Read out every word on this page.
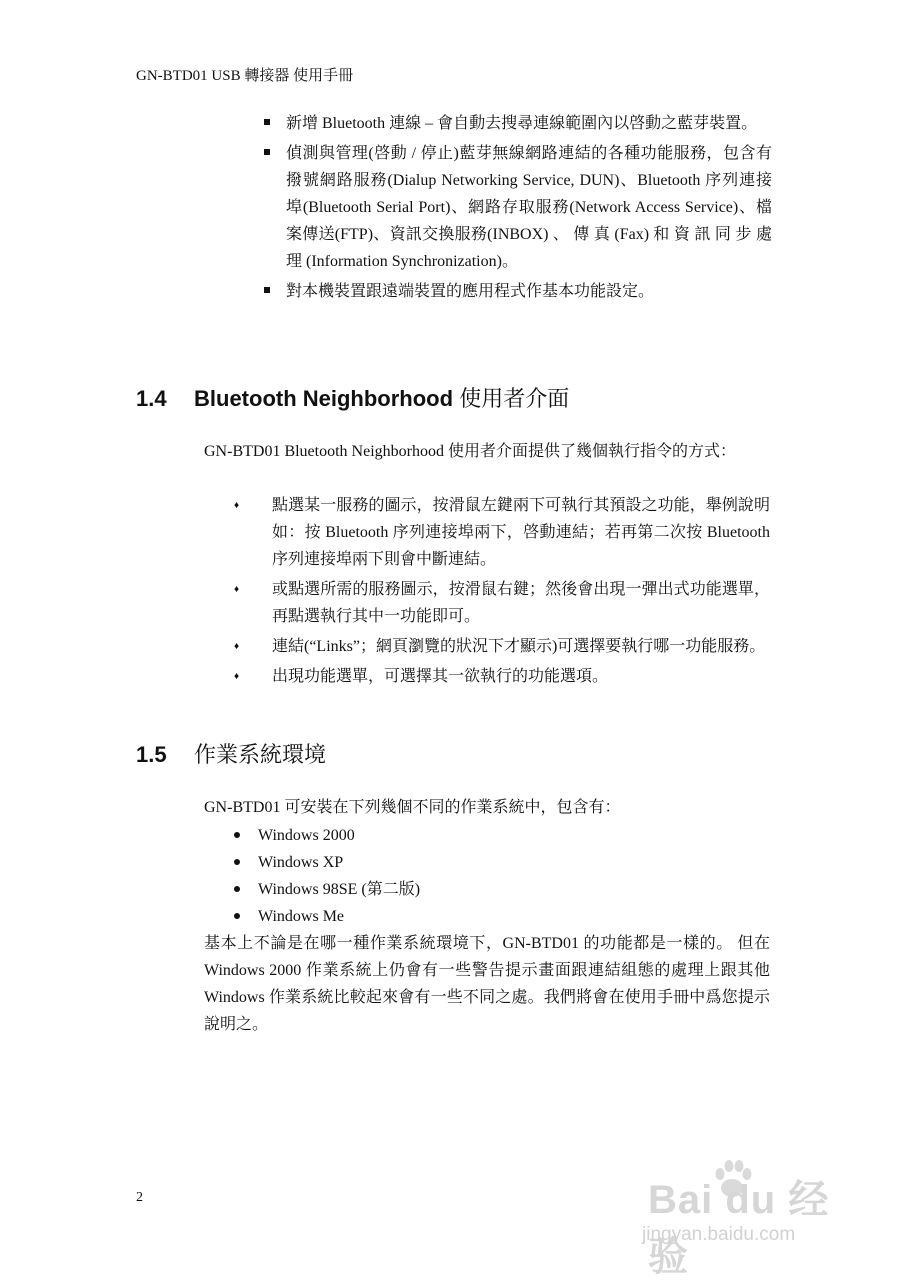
GN-BTD01 USB 轉接器 使用手冊
新增 Bluetooth 連線 – 會自動去搜尋連線範圍內以啓動之藍芽裝置。
偵測與管理(啓動 / 停止)藍芽無線網路連結的各種功能服務，包含有撥號網路服務(Dialup Networking Service, DUN)、Bluetooth 序列連接埠(Bluetooth Serial Port)、網路存取服務(Network Access Service)、檔案傳送(FTP)、資訊交換服務(INBOX) 、 傳 真 (Fax) 和 資 訊 同 步 處 理 (Information Synchronization)。
對本機裝置跟遠端裝置的應用程式作基本功能設定。
1.4 Bluetooth Neighborhood 使用者介面
GN-BTD01 Bluetooth Neighborhood 使用者介面提供了幾個執行指令的方式：
♦ 點選某一服務的圖示，按滑鼠左鍵兩下可執行其預設之功能，舉例說明如：按 Bluetooth 序列連接埠兩下，啓動連結；若再第二次按 Bluetooth 序列連接埠兩下則會中斷連結。
♦ 或點選所需的服務圖示，按滑鼠右鍵；然後會出現一彈出式功能選單，再點選執行其中一功能即可。
♦ 連結(“Links”；網頁瀏覽的狀況下才顯示)可選擇要執行哪一功能服務。
♦ 出現功能選單，可選擇其一欲執行的功能選項。
1.5 作業系統環境
GN-BTD01 可安裝在下列幾個不同的作業系統中，包含有：
Windows 2000
Windows XP
Windows 98SE (第二版)
Windows Me
基本上不論是在哪一種作業系統環境下，GN-BTD01 的功能都是一樣的。 但在 Windows 2000 作業系統上仍會有一些警告提示畫面跟連結組態的處理上跟其他 Windows 作業系統比較起來會有一些不同之處。我們將會在使用手冊中爲您提示說明之。
2	Bai du 经验
jingyan.baidu.com
